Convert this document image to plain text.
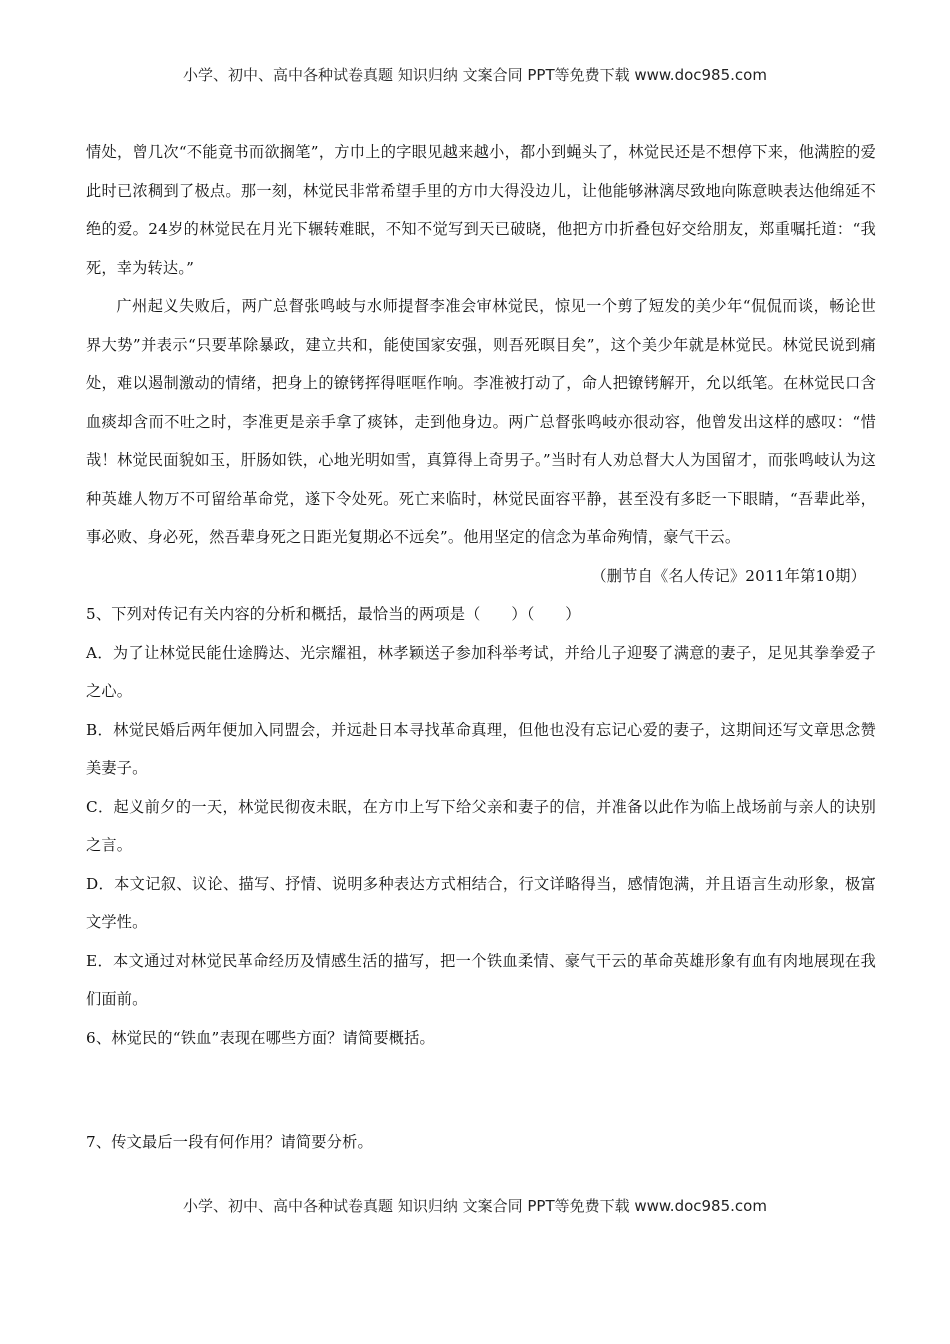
小学、初中、高中各种试卷真题 知识归纳 文案合同 PPT等免费下载 www.doc985.com

情处，曾几次“不能竟书而欲搁笔”，方巾上的字眼见越来越小，都小到蝇头了，林觉民还是不想停下来，他满腔的爱此时已浓稠到了极点。那一刻，林觉民非常希望手里的方巾大得没边儿，让他能够淋漓尽致地向陈意映表达他绵延不绝的爱。24岁的林觉民在月光下辗转难眠，不知不觉写到天已破晓，他把方巾折叠包好交给朋友，郑重嘱托道：“我死，幸为转达。”

广州起义失败后，两广总督张鸣岐与水师提督李准会审林觉民，惊见一个剪了短发的美少年“侃侃而谈，畅论世界大势”并表示“只要革除暴政，建立共和，能使国家安强，则吾死暝目矣”，这个美少年就是林觉民。林觉民说到痛处，难以遏制激动的情绪，把身上的镣铐挥得哐哐作响。李准被打动了，命人把镣铐解开，允以纸笔。在林觉民口含血痰却含而不吐之时，李准更是亲手拿了痰钵，走到他身边。两广总督张鸣岐亦很动容，他曾发出这样的感叹：“惜哉！林觉民面貌如玉，肝肠如铁，心地光明如雪，真算得上奇男子。”当时有人劝总督大人为国留才，而张鸣岐认为这种英雄人物万不可留给革命党，遂下令处死。死亡来临时，林觉民面容平静，甚至没有多眨一下眼睛，“吾辈此举，事必败、身必死，然吾辈身死之日距光复期必不远矣”。他用坚定的信念为革命殉情，豪气干云。

（删节自《名人传记》2011年第10期）

5、下列对传记有关内容的分析和概括，最恰当的两项是（　　）（　　）

A．为了让林觉民能仕途腾达、光宗耀祖，林孝颖送子参加科举考试，并给儿子迎娶了满意的妻子，足见其拳拳爱子之心。

B．林觉民婚后两年便加入同盟会，并远赴日本寻找革命真理，但他也没有忘记心爱的妻子，这期间还写文章思念赞美妻子。

C．起义前夕的一天，林觉民彻夜未眠，在方巾上写下给父亲和妻子的信，并准备以此作为临上战场前与亲人的诀别之言。

D．本文记叙、议论、描写、抒情、说明多种表达方式相结合，行文详略得当，感情饱满，并且语言生动形象，极富文学性。

E．本文通过对林觉民革命经历及情感生活的描写，把一个铁血柔情、豪气干云的革命英雄形象有血有肉地展现在我们面前。

6、林觉民的“铁血”表现在哪些方面？请简要概括。

7、传文最后一段有何作用？请简要分析。

小学、初中、高中各种试卷真题 知识归纳 文案合同 PPT等免费下载 www.doc985.com
